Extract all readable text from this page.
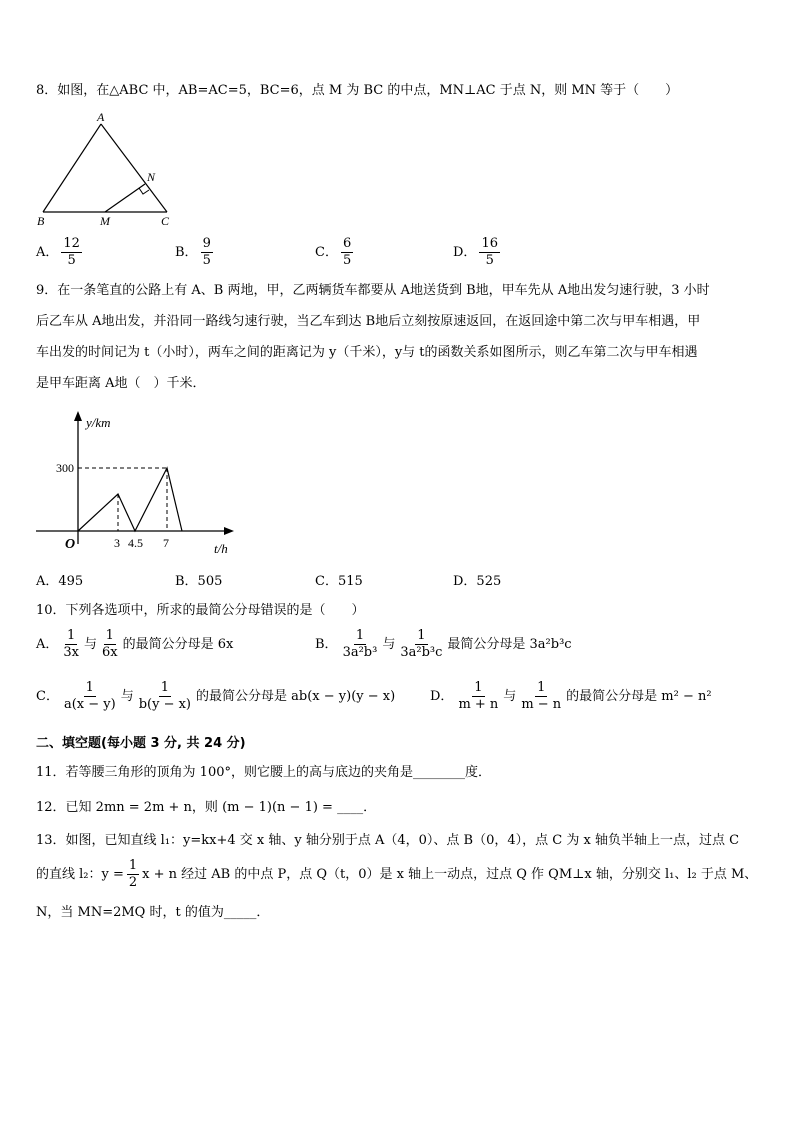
8．如图，在△ABC 中，AB=AC=5，BC=6，点 M 为 BC 的中点，MN⊥AC 于点 N，则 MN 等于（　　）
A
B	M	C
N
A． $\frac{12}{5}$	B． $\frac{9}{5}$	C． $\frac{6}{5}$	D． $\frac{16}{5}$
9．在一条笔直的公路上有 A、B 两地，甲，乙两辆货车都要从 A地送货到 B地，甲车先从 A地出发匀速行驶，3 小时
后乙车从 A地出发，并沿同一路线匀速行驶，当乙车到达 B地后立刻按原速返回，在返回途中第二次与甲车相遇，甲
车出发的时间记为 t（小时），两车之间的距离记为 y（千米），y与 t的函数关系如图所示，则乙车第二次与甲车相遇
是甲车距离 A地（　）千米．
y/km
t/h
O
300
3 4.5 7
A．495	B．505	C．515	D．525
10．下列各选项中，所求的最简公分母错误的是（　　）
A． $\frac{1}{3x}$ 与 $\frac{1}{6x}$ 的最简公分母是 6x	B． $\frac{1}{\text{3a²b³}}$ 与 $\frac{1}{\text{3a²b³c}}$ 最简公分母是 3a²b³c
C． $\frac{1}{a(x - y)}$ 与 $\frac{1}{b(y - x)}$ 的最简公分母是 ab(x − y)(y − x)	D． $\frac{1}{m + n}$ 与 $\frac{1}{m - n}$ 的最简公分母是 m² − n²
二、填空题(每小题 3 分, 共 24 分)
11．若等腰三角形的顶角为 100°，则它腰上的高与底边的夹角是________度．
12．已知 2mn = 2m + n，则 (m − 1)(n − 1) = ____．
13．如图，已知直线 l₁：y=kx+4 交 x 轴、y 轴分别于点 A（4，0）、点 B（0，4），点 C 为 x 轴负半轴上一点，过点 C
的直线 l₂：$y = \frac{1}{2}$ x + n 经过 AB 的中点 P，点 Q（t，0）是 x 轴上一动点，过点 Q 作 QM⊥x 轴，分别交 l₁、l₂ 于点 M、
N，当 MN=2MQ 时，t 的值为_____．
